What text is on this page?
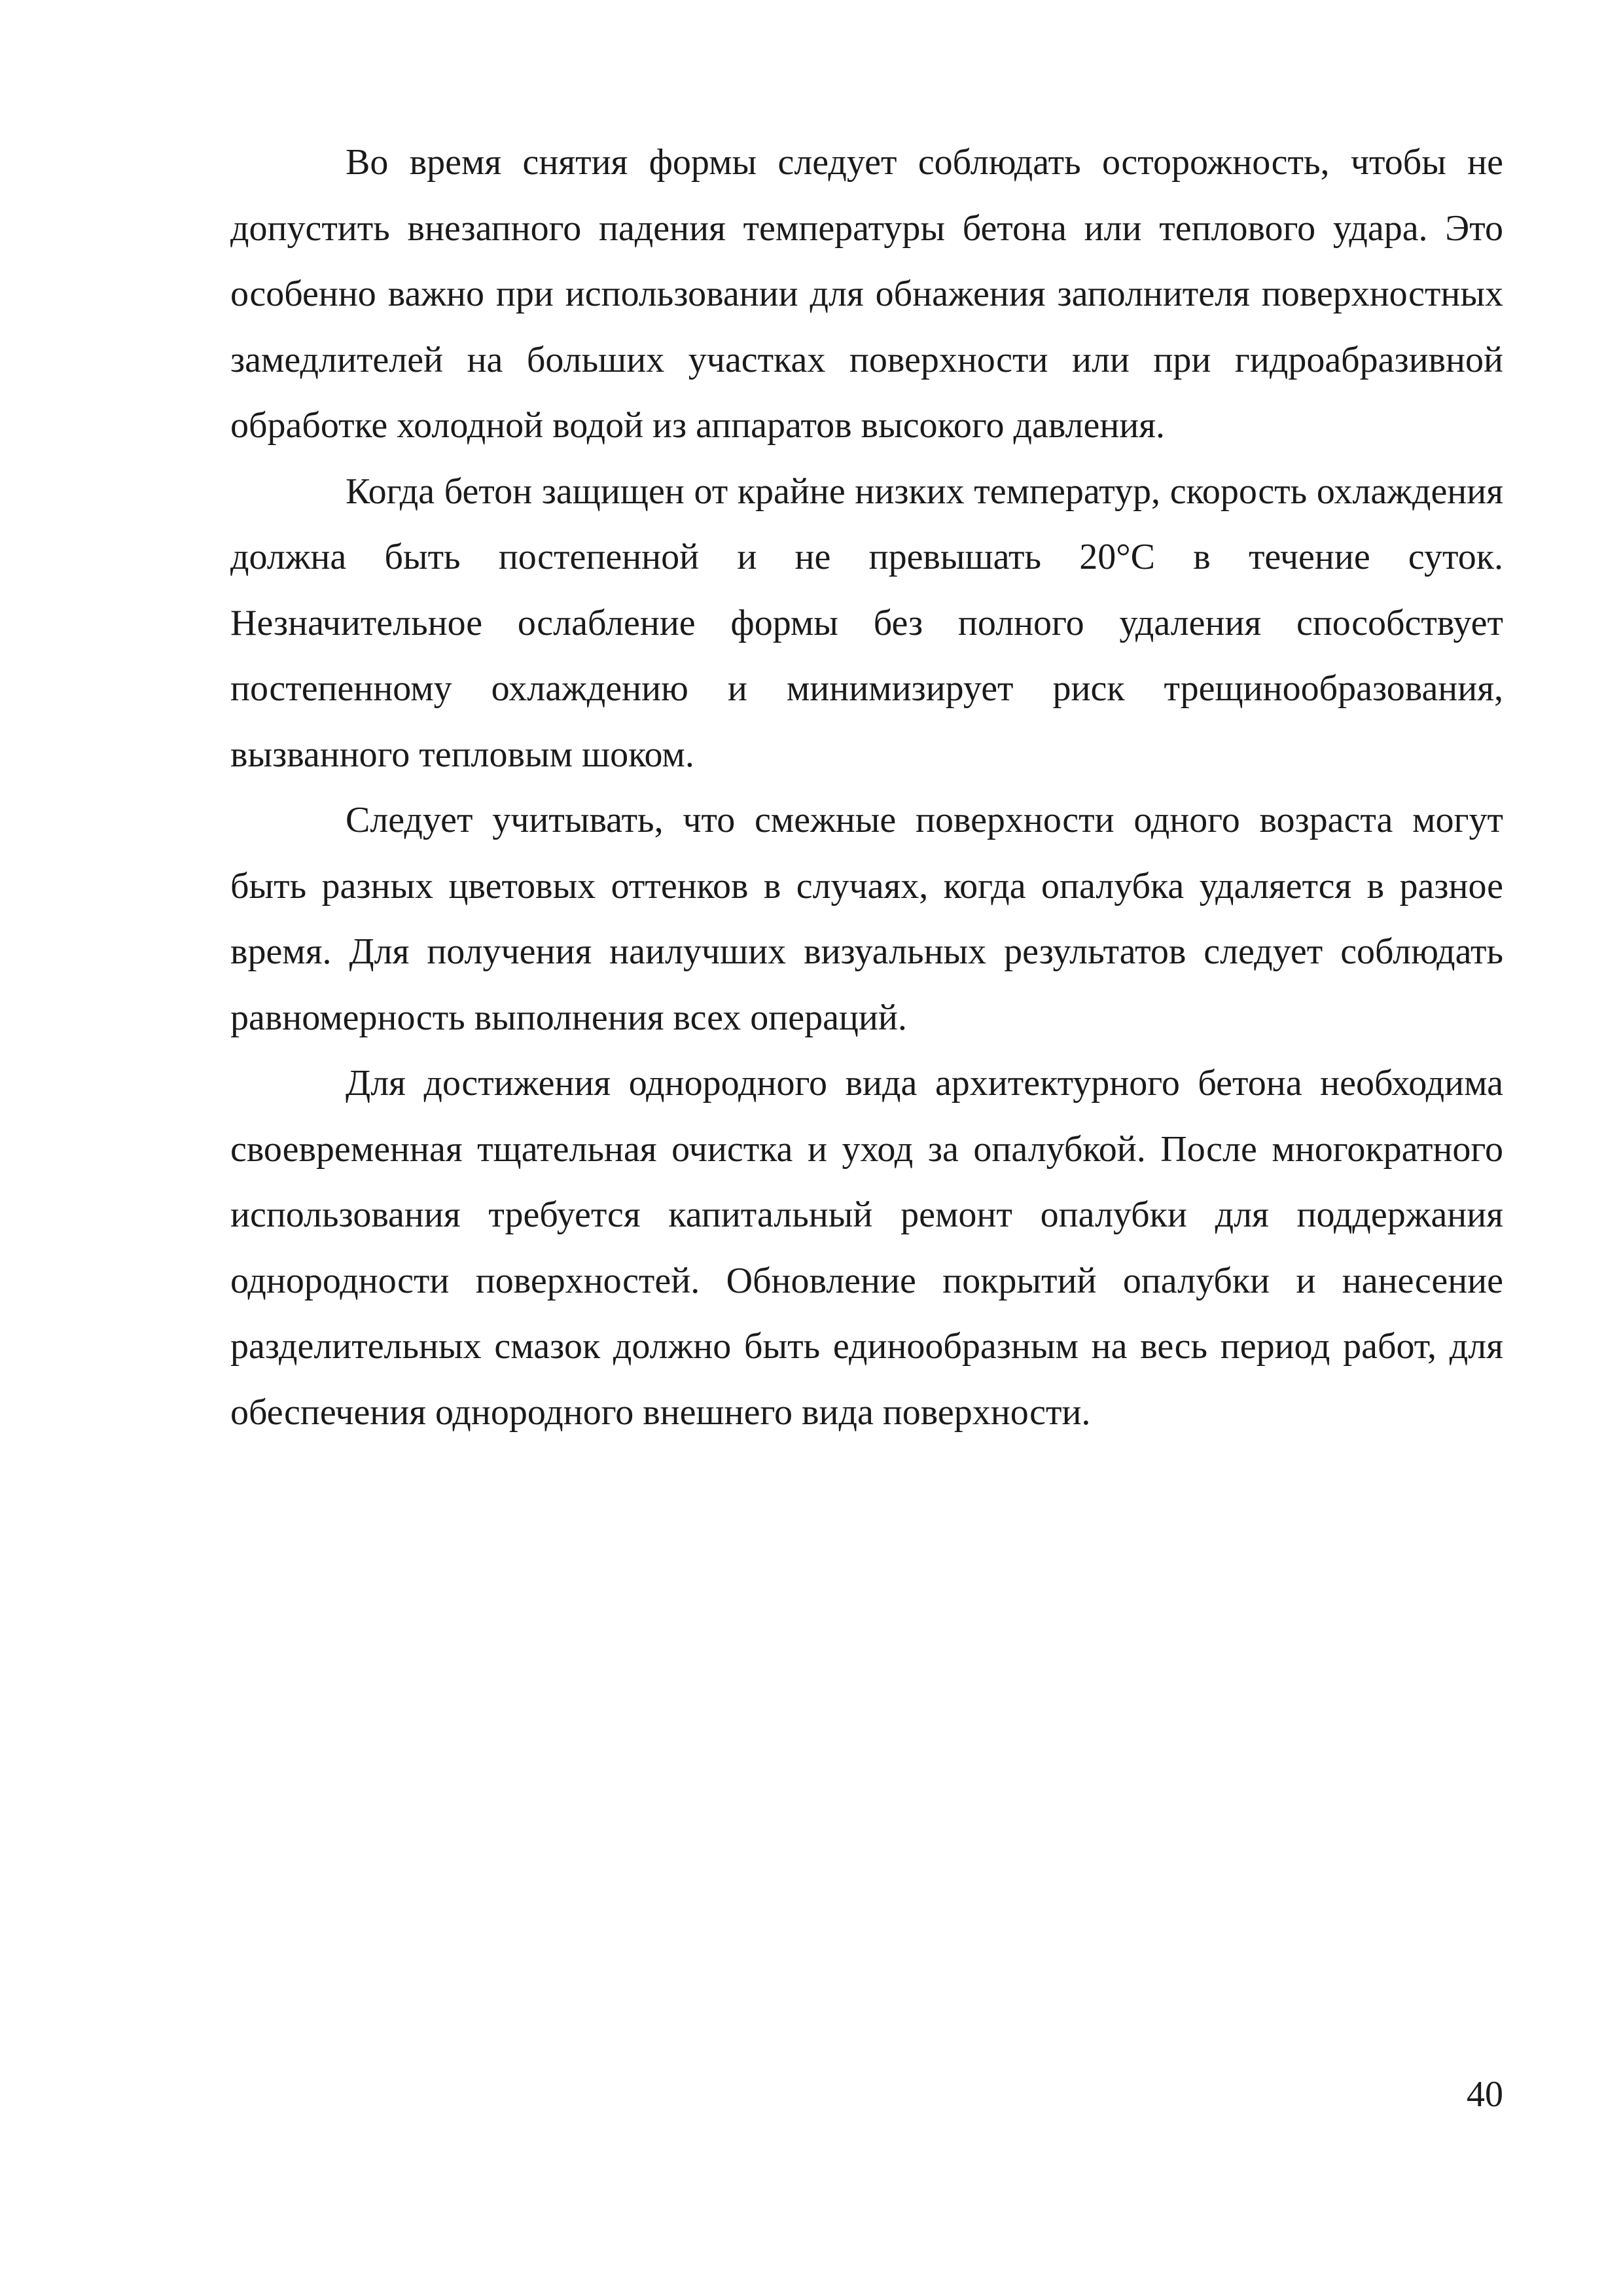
Во время снятия формы следует соблюдать осторожность, чтобы не допустить внезапного падения температуры бетона или теплового удара. Это особенно важно при использовании для обнажения заполнителя поверхностных замедлителей на больших участках поверхности или при гидроабразивной обработке холодной водой из аппаратов высокого давления.

Когда бетон защищен от крайне низких температур, скорость охлаждения должна быть постепенной и не превышать 20°С в течение суток. Незначительное ослабление формы без полного удаления способствует постепенному охлаждению и минимизирует риск трещинообразования, вызванного тепловым шоком.

Следует учитывать, что смежные поверхности одного возраста могут быть разных цветовых оттенков в случаях, когда опалубка удаляется в разное время. Для получения наилучших визуальных результатов следует соблюдать равномерность выполнения всех операций.

Для достижения однородного вида архитектурного бетона необходима своевременная тщательная очистка и уход за опалубкой. После многократного использования требуется капитальный ремонт опалубки для поддержания однородности поверхностей. Обновление покрытий опалубки и нанесение разделительных смазок должно быть единообразным на весь период работ, для обеспечения однородного внешнего вида поверхности.

40
